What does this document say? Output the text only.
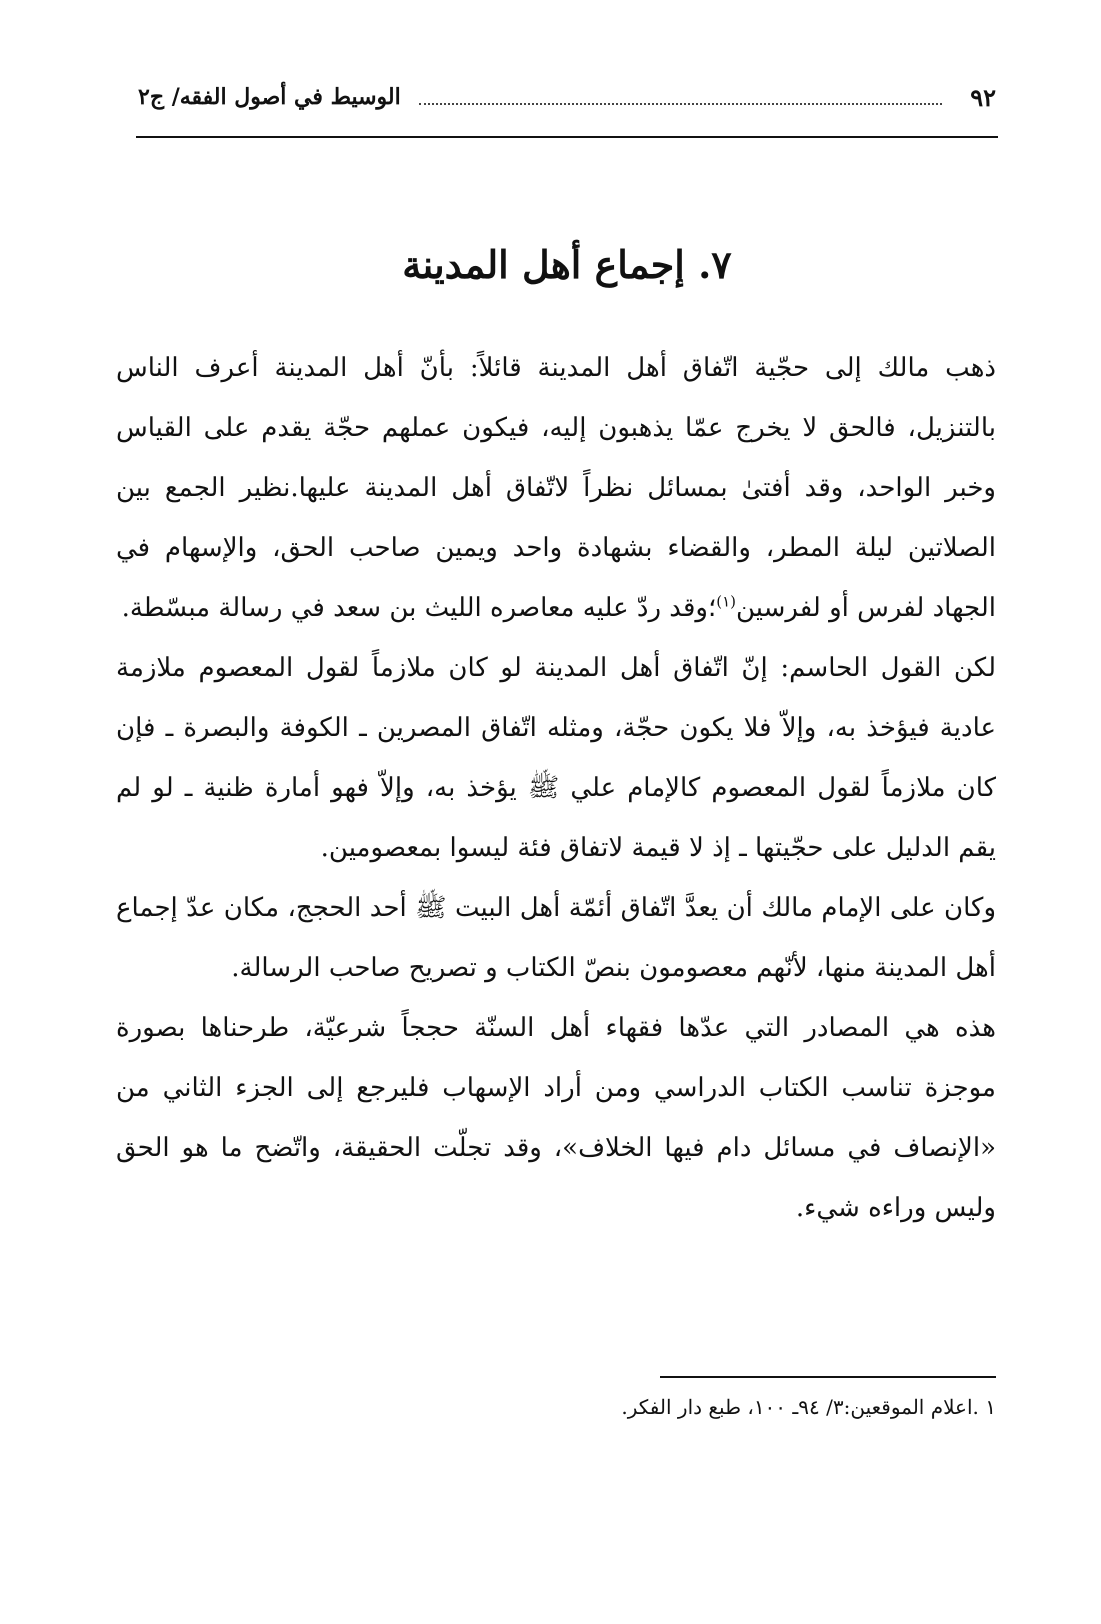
٩٢
الوسيط في أصول الفقه/ ج٢
٧. إجماع أهل المدينة

ذهب مالك إلى حجّية اتّفاق أهل المدينة قائلاً: بأنّ أهل المدينة أعرف الناس بالتنزيل، فالحق لا يخرج عمّا يذهبون إليه، فيكون عملهم حجّة يقدم على القياس وخبر الواحد، وقد أفتىٰ بمسائل نظراً لاتّفاق أهل المدينة عليها.نظير الجمع بين الصلاتين ليلة المطر، والقضاء بشهادة واحد ويمين صاحب الحق، والإسهام في الجهاد لفرس أو لفرسين$^{(١)}$؛وقد ردّ عليه معاصره الليث بن سعد في رسالة مبسّطة.

لكن القول الحاسم: إنّ اتّفاق أهل المدينة لو كان ملازماً لقول المعصوم ملازمة عادية فيؤخذ به، وإلاّ فلا يكون حجّة، ومثله اتّفاق المصرين ـ الكوفة والبصرة ـ فإن كان ملازماً لقول المعصوم كالإمام علي ﷺ يؤخذ به، وإلاّ فهو أمارة ظنية ـ لو لم يقم الدليل على حجّيتها ـ إذ لا قيمة لاتفاق فئة ليسوا بمعصومين.

وكان على الإمام مالك أن يعدَّ اتّفاق أئمّة أهل البيت ﷺ أحد الحجج، مكان عدّ إجماع أهل المدينة منها، لأنّهم معصومون بنصّ الكتاب و تصريح صاحب الرسالة.

هذه هي المصادر التي عدّها فقهاء أهل السنّة حججاً شرعيّة، طرحناها بصورة موجزة تناسب الكتاب الدراسي ومن أراد الإسهاب فليرجع إلى الجزء الثاني من «الإنصاف في مسائل دام فيها الخلاف»، وقد تجلّت الحقيقة، واتّضح ما هو الحق وليس وراءه شيء.

١ .اعلام الموقعين:٣/ ٩٤ـ ١٠٠، طبع دار الفكر.
